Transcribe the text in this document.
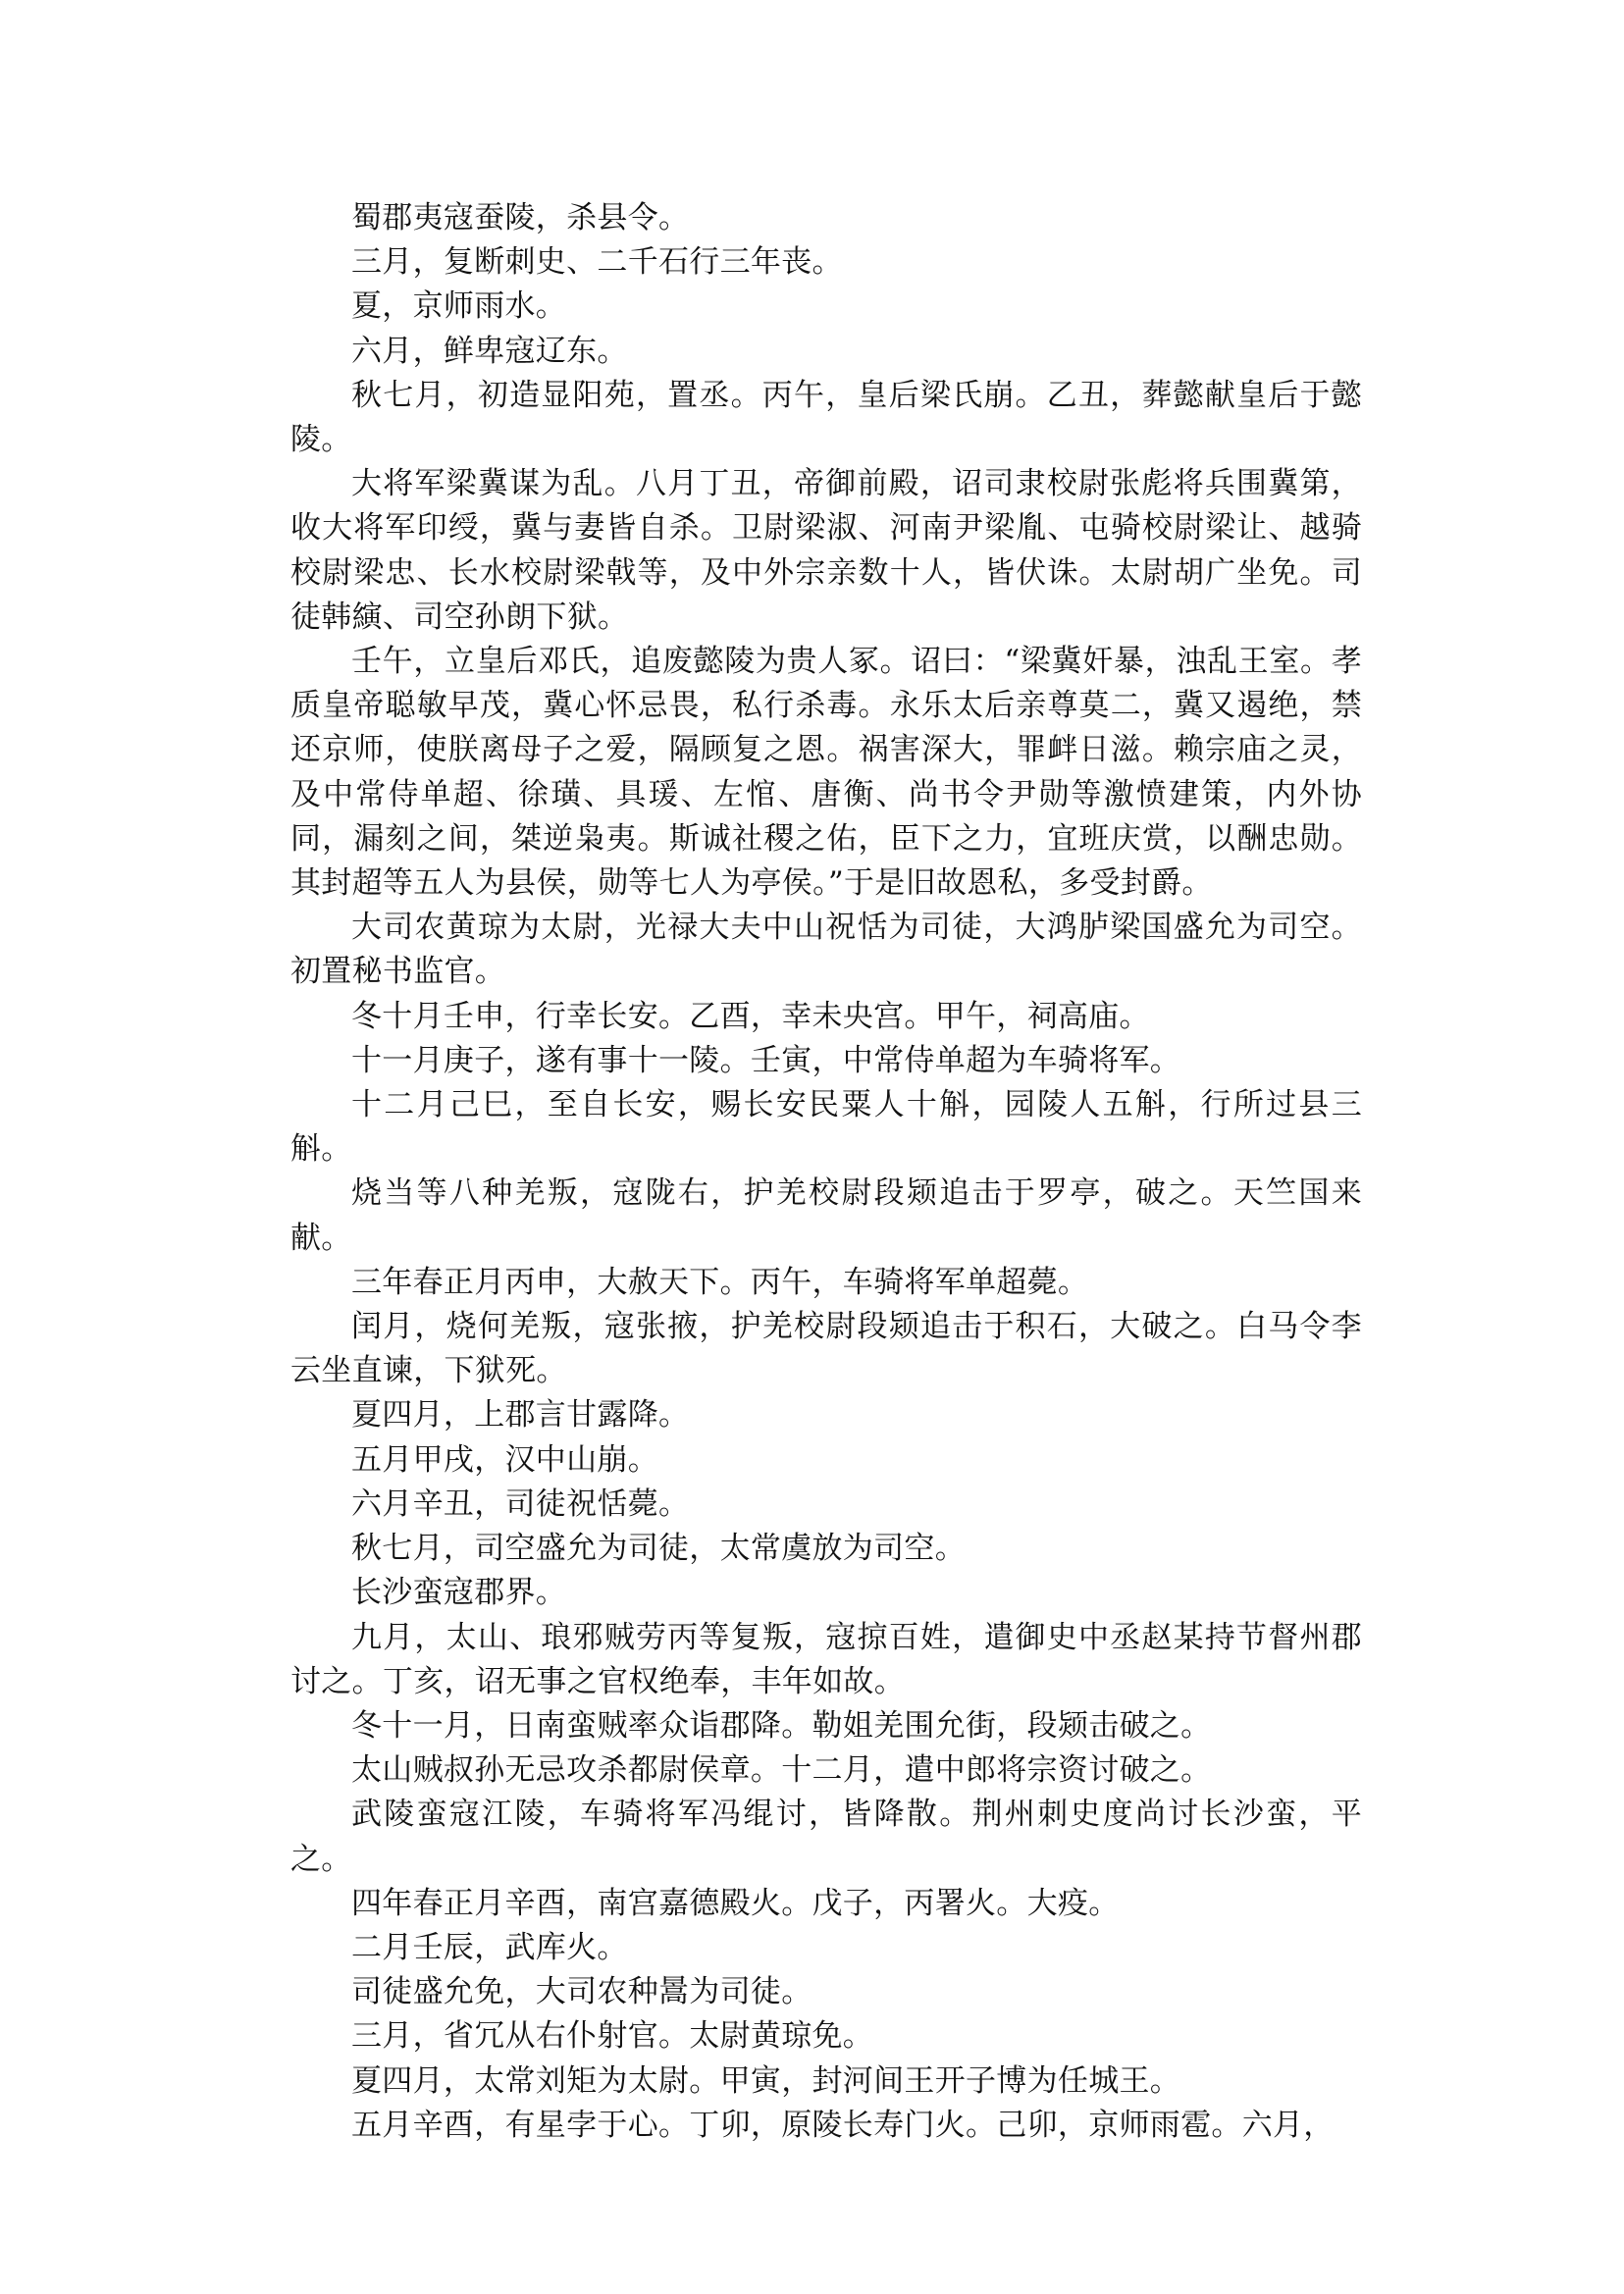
蜀郡夷寇蚕陵，杀县令。

三月，复断刺史、二千石行三年丧。

夏，京师雨水。

六月，鲜卑寇辽东。

秋七月，初造显阳苑，置丞。丙午，皇后梁氏崩。乙丑，葬懿献皇后于懿陵。

大将军梁冀谋为乱。八月丁丑，帝御前殿，诏司隶校尉张彪将兵围冀第，收大将军印绶，冀与妻皆自杀。卫尉梁淑、河南尹梁胤、屯骑校尉梁让、越骑校尉梁忠、长水校尉梁戟等，及中外宗亲数十人，皆伏诛。太尉胡广坐免。司徒韩縯、司空孙朗下狱。

壬午，立皇后邓氏，追废懿陵为贵人冢。诏曰：“梁冀奸暴，浊乱王室。孝质皇帝聪敏早茂，冀心怀忌畏，私行杀毒。永乐太后亲尊莫二，冀又遏绝，禁还京师，使朕离母子之爱，隔顾复之恩。祸害深大，罪衅日滋。赖宗庙之灵，及中常侍单超、徐璜、具瑗、左悺、唐衡、尚书令尹勋等激愤建策，内外协同，漏刻之间，桀逆枭夷。斯诚社稷之佑，臣下之力，宜班庆赏，以酬忠勋。其封超等五人为县侯，勋等七人为亭侯。”于是旧故恩私，多受封爵。

大司农黄琼为太尉，光禄大夫中山祝恬为司徒，大鸿胪梁国盛允为司空。初置秘书监官。

冬十月壬申，行幸长安。乙酉，幸未央宫。甲午，祠高庙。

十一月庚子，遂有事十一陵。壬寅，中常侍单超为车骑将军。

十二月己巳，至自长安，赐长安民粟人十斛，园陵人五斛，行所过县三斛。

烧当等八种羌叛，寇陇右，护羌校尉段颎追击于罗亭，破之。天竺国来献。

三年春正月丙申，大赦天下。丙午，车骑将军单超薨。

闰月，烧何羌叛，寇张掖，护羌校尉段颎追击于积石，大破之。白马令李云坐直谏，下狱死。

夏四月，上郡言甘露降。

五月甲戌，汉中山崩。

六月辛丑，司徒祝恬薨。

秋七月，司空盛允为司徒，太常虞放为司空。

长沙蛮寇郡界。

九月，太山、琅邪贼劳丙等复叛，寇掠百姓，遣御史中丞赵某持节督州郡讨之。丁亥，诏无事之官权绝奉，丰年如故。

冬十一月，日南蛮贼率众诣郡降。勒姐羌围允街，段颎击破之。

太山贼叔孙无忌攻杀都尉侯章。十二月，遣中郎将宗资讨破之。

武陵蛮寇江陵，车骑将军冯绲讨，皆降散。荆州刺史度尚讨长沙蛮，平之。

四年春正月辛酉，南宫嘉德殿火。戊子，丙署火。大疫。

二月壬辰，武库火。

司徒盛允免，大司农种暠为司徒。

三月，省冗从右仆射官。太尉黄琼免。

夏四月，太常刘矩为太尉。甲寅，封河间王开子博为任城王。

五月辛酉，有星孛于心。丁卯，原陵长寿门火。己卯，京师雨雹。六月，
